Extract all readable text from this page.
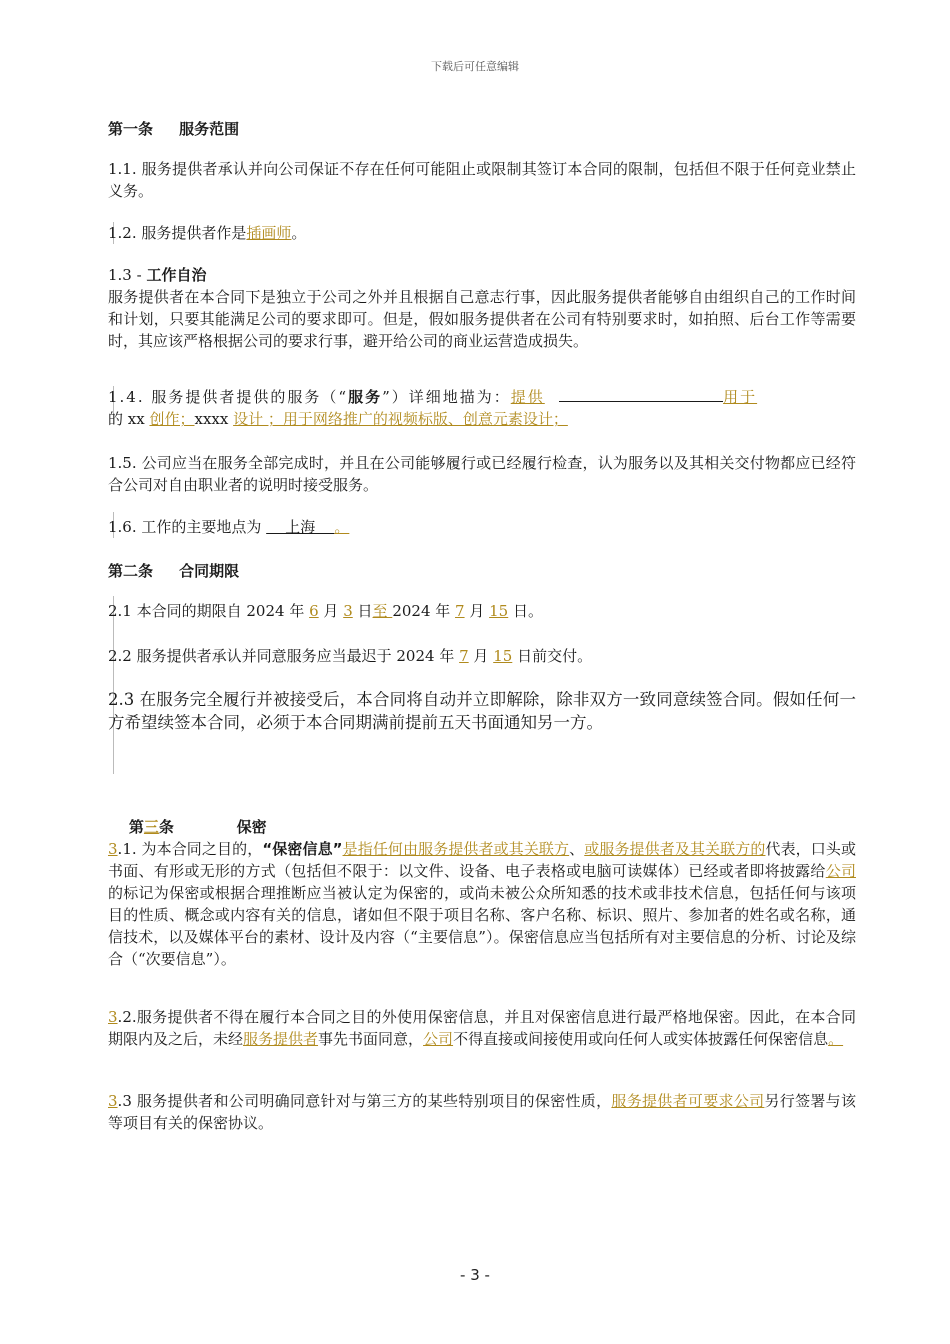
下载后可任意编辑
第一条     服务范围
1.1. 服务提供者承认并向公司保证不存在任何可能阻止或限制其签订本合同的限制，包括但不限于任何竞业禁止义务。
1.2. 服务提供者作是插画师。
1.3 - 工作自治
服务提供者在本合同下是独立于公司之外并且根据自己意志行事，因此服务提供者能够自由组织自己的工作时间和计划，只要其能满足公司的要求即可。但是，假如服务提供者在公司有特别要求时，如拍照、后台工作等需要时，其应该严格根据公司的要求行事，避开给公司的商业运营造成损失。
1.4. 服务提供者提供的服务（“服务”）详细地描为：提供	用于
的 xx 创作；xxxx 设计 ；用于网络推广的视频标版、创意元素设计；
1.5. 公司应当在服务全部完成时，并且在公司能够履行或已经履行检查，认为服务以及其相关交付物都应已经符合公司对自由职业者的说明时接受服务。
1.6. 工作的主要地点为     上海    。
第二条     合同期限
2.1 本合同的期限自 2024 年 6 月 3 日至 2024 年 7 月 15 日。
2.2 服务提供者承认并同意服务应当最迟于 2024 年 7 月 15 日前交付。
2.3 在服务完全履行并被接受后，本合同将自动并立即解除，除非双方一致同意续签合同。假如任何一方希望续签本合同，必须于本合同期满前提前五天书面通知另一方。

第三条            保密

3.1. 为本合同之目的，“保密信息”是指任何由服务提供者或其关联方、或服务提供者及其关联方的代表，口头或书面、有形或无形的方式（包括但不限于：以文件、设备、电子表格或电脑可读媒体）已经或者即将披露给公司的标记为保密或根据合理推断应当被认定为保密的，或尚未被公众所知悉的技术或非技术信息，包括任何与该项目的性质、概念或内容有关的信息，诸如但不限于项目名称、客户名称、标识、照片、参加者的姓名或名称，通信技术，以及媒体平台的素材、设计及内容（“主要信息”）。保密信息应当包括所有对主要信息的分析、讨论及综合（“次要信息”）。
3.2.服务提供者不得在履行本合同之目的外使用保密信息，并且对保密信息进行最严格地保密。因此，在本合同期限内及之后，未经服务提供者事先书面同意，公司不得直接或间接使用或向任何人或实体披露任何保密信息。
3.3 服务提供者和公司明确同意针对与第三方的某些特别项目的保密性质，服务提供者可要求公司另行签署与该等项目有关的保密协议。
- 3 -
